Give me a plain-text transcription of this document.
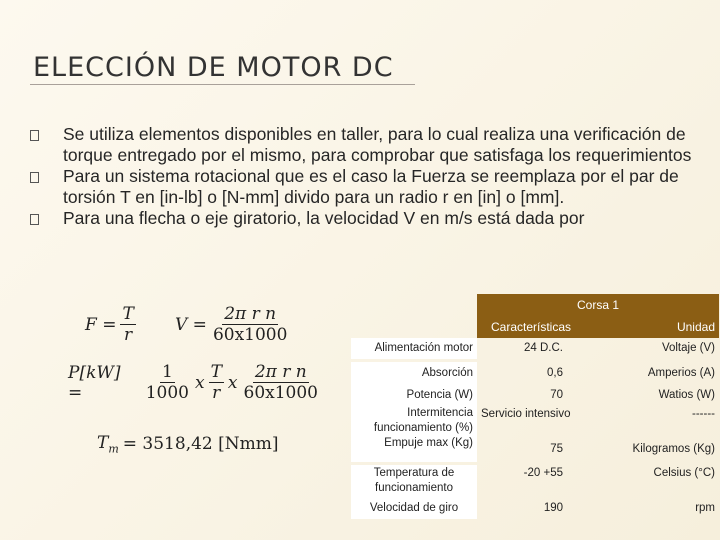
ELECCIÓN DE MOTOR DC
Se utiliza elementos disponibles en taller, para lo cual realiza una verificación de torque entregado por el mismo, para comprobar que satisfaga los requerimientos
Para un sistema rotacional que es el caso la Fuerza se reemplaza por el par de torsión T en [in-lb] o [N-mm] divido para un radio r en [in] o [mm].
Para una flecha o eje giratorio, la velocidad V en m/s está dada por
$F = \frac{T}{r}$ $V = \frac{\text{2π r n}}{60x1000}$
P[kW] =	$\frac{1}{1000}$ x $\frac{T}{r}$ x $\frac{\text{2π r n}}{60x1000}$
$T_m = 3518,42$ [Nmm]
	Corsa 1	
	Características	Unidad
Alimentación motor	24 D.C.	Voltaje (V)

Absorción	0,6	Amperios (A)
Potencia (W)	70	Watios (W)
Intermitencia funcionamiento (%)	Servicio intensivo	------
Empuje max (Kg)	75	Kilogramos (Kg)

Temperatura de funcionamiento	-20 +55	Celsius (°C)
Velocidad de giro	190	rpm
